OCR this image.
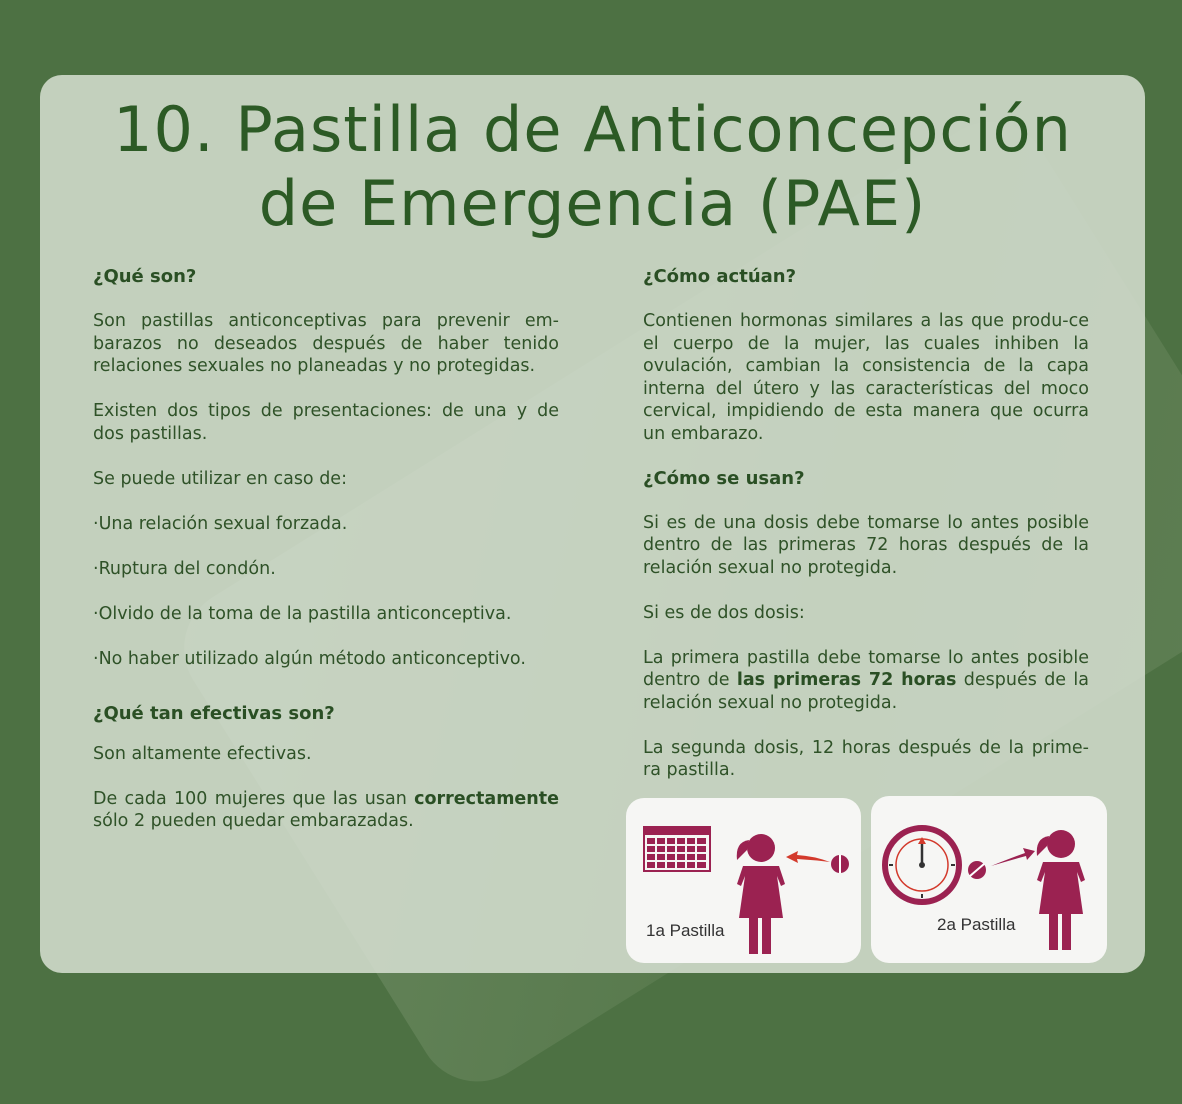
10. Pastilla de Anticoncepción
de Emergencia (PAE)
¿Qué son?

Son pastillas anticonceptivas para prevenir em-barazos no deseados después de haber tenido relaciones sexuales no planeadas y no protegidas.

Existen dos tipos de presentaciones: de una y de dos pastillas.

Se puede utilizar en caso de:

·Una relación sexual forzada.

·Ruptura del condón.

·Olvido de la toma de la pastilla anticonceptiva.

·No haber utilizado algún método anticonceptivo.

¿Qué tan efectivas son?

Son altamente efectivas.

De cada 100 mujeres que las usan correctamente sólo 2 pueden quedar embarazadas.

¿Cómo actúan?

Contienen hormonas similares a las que produ-ce el cuerpo de la mujer, las cuales inhiben la ovulación, cambian la consistencia de la capa interna del útero y las características del moco cervical, impidiendo de esta manera que ocurra un embarazo.

¿Cómo se usan?

Si es de una dosis debe tomarse lo antes posible dentro de las primeras 72 horas después de la relación sexual no protegida.

Si es de dos dosis:

La primera pastilla debe tomarse lo antes posible dentro de las primeras 72 horas después de la relación sexual no protegida.

La segunda dosis, 12 horas después de la prime-ra pastilla.

1a Pastilla	2a Pastilla
